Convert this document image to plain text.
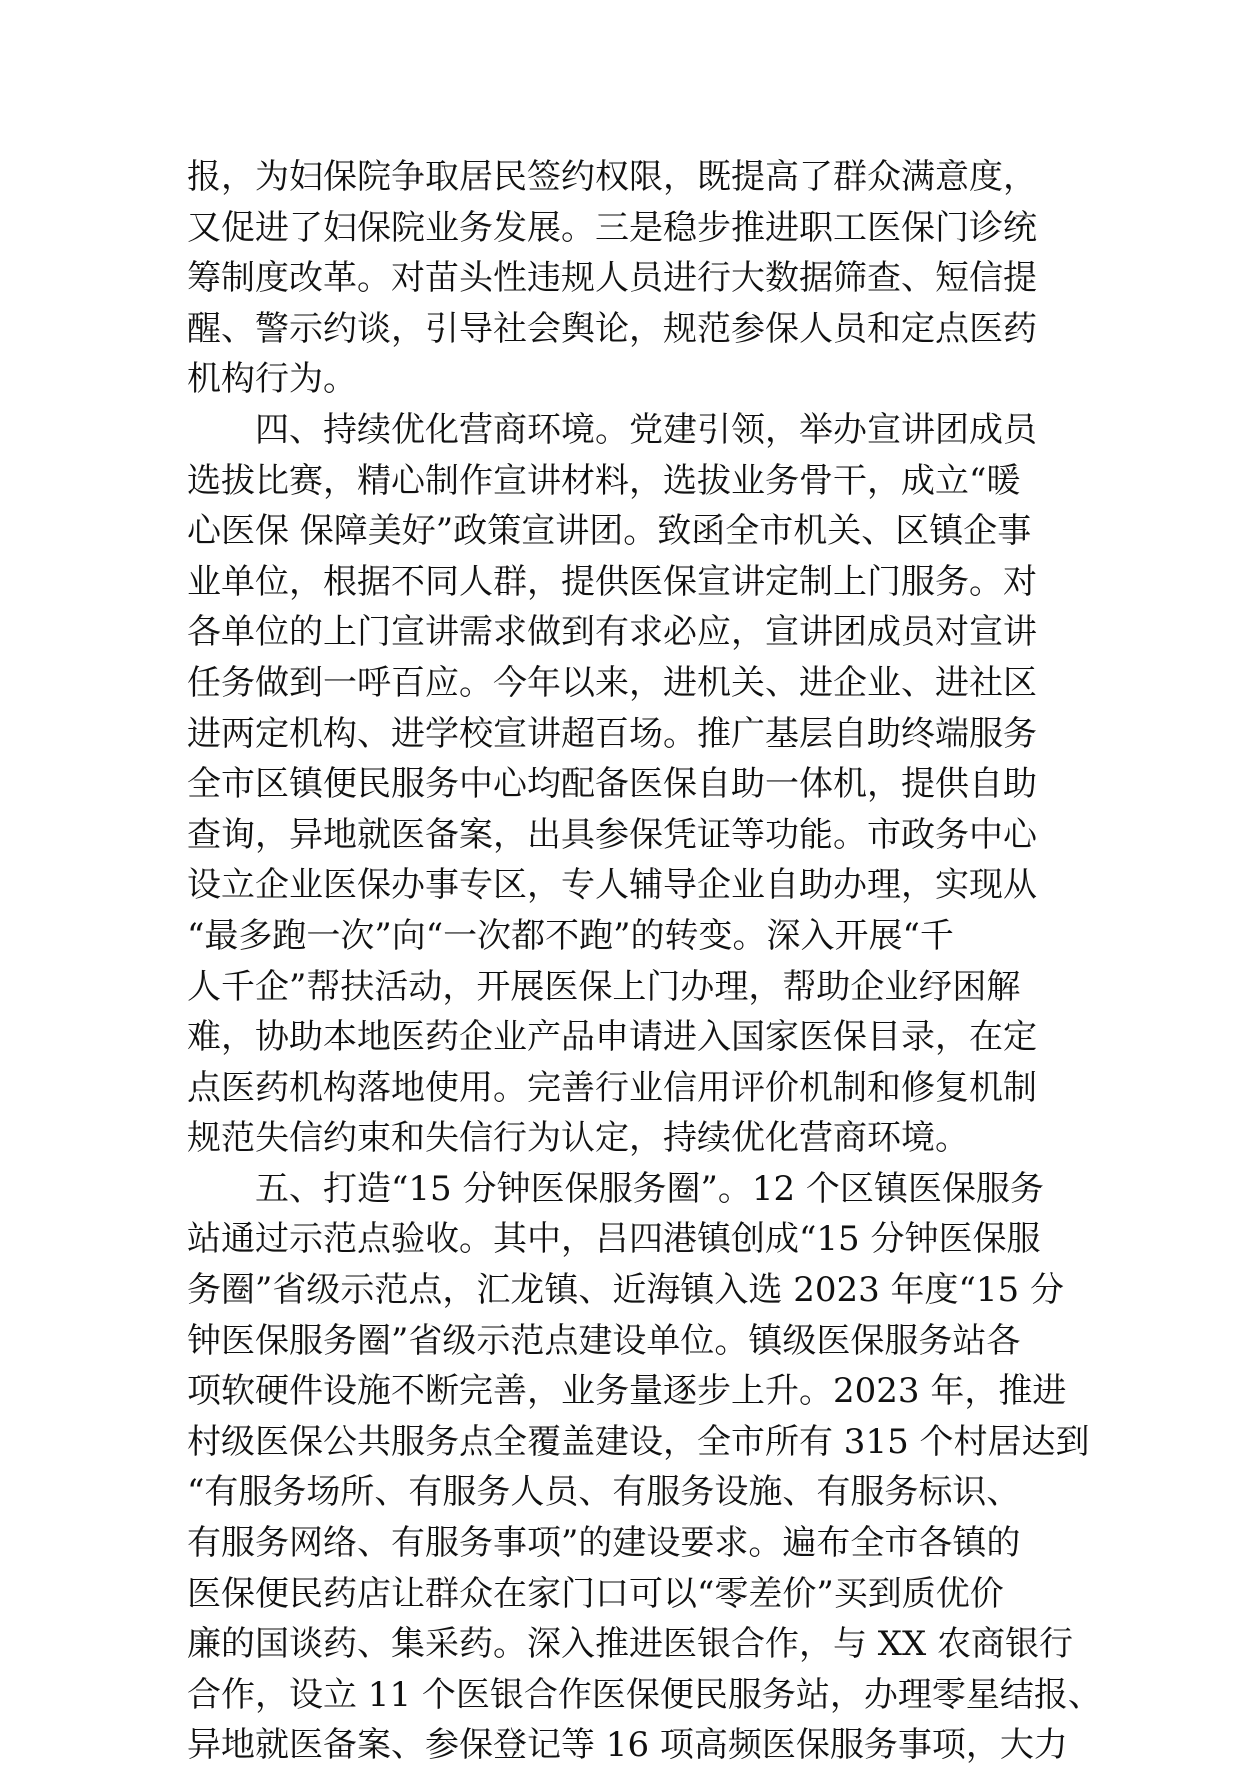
报，为妇保院争取居民签约权限，既提高了群众满意度，
又促进了妇保院业务发展。三是稳步推进职工医保门诊统
筹制度改革。对苗头性违规人员进行大数据筛查、短信提
醒、警示约谈，引导社会舆论，规范参保人员和定点医药
机构行为。
　　四、持续优化营商环境。党建引领，举办宣讲团成员
选拔比赛，精心制作宣讲材料，选拔业务骨干，成立“暖
心医保 保障美好”政策宣讲团。致函全市机关、区镇企事
业单位，根据不同人群，提供医保宣讲定制上门服务。对
各单位的上门宣讲需求做到有求必应，宣讲团成员对宣讲
任务做到一呼百应。今年以来，进机关、进企业、进社区
进两定机构、进学校宣讲超百场。推广基层自助终端服务
全市区镇便民服务中心均配备医保自助一体机，提供自助
查询，异地就医备案，出具参保凭证等功能。市政务中心
设立企业医保办事专区，专人辅导企业自助办理，实现从
“最多跑一次”向“一次都不跑”的转变。深入开展“千
人千企”帮扶活动，开展医保上门办理，帮助企业纾困解
难，协助本地医药企业产品申请进入国家医保目录，在定
点医药机构落地使用。完善行业信用评价机制和修复机制
规范失信约束和失信行为认定，持续优化营商环境。
　　五、打造“15 分钟医保服务圈”。12 个区镇医保服务
站通过示范点验收。其中，吕四港镇创成“15 分钟医保服
务圈”省级示范点，汇龙镇、近海镇入选 2023 年度“15 分
钟医保服务圈”省级示范点建设单位。镇级医保服务站各
项软硬件设施不断完善，业务量逐步上升。2023 年，推进
村级医保公共服务点全覆盖建设，全市所有 315 个村居达到
“有服务场所、有服务人员、有服务设施、有服务标识、
有服务网络、有服务事项”的建设要求。遍布全市各镇的
医保便民药店让群众在家门口可以“零差价”买到质优价
廉的国谈药、集采药。深入推进医银合作，与 XX 农商银行
合作，设立 11 个医银合作医保便民服务站，办理零星结报、
异地就医备案、参保登记等 16 项高频医保服务事项，大力
